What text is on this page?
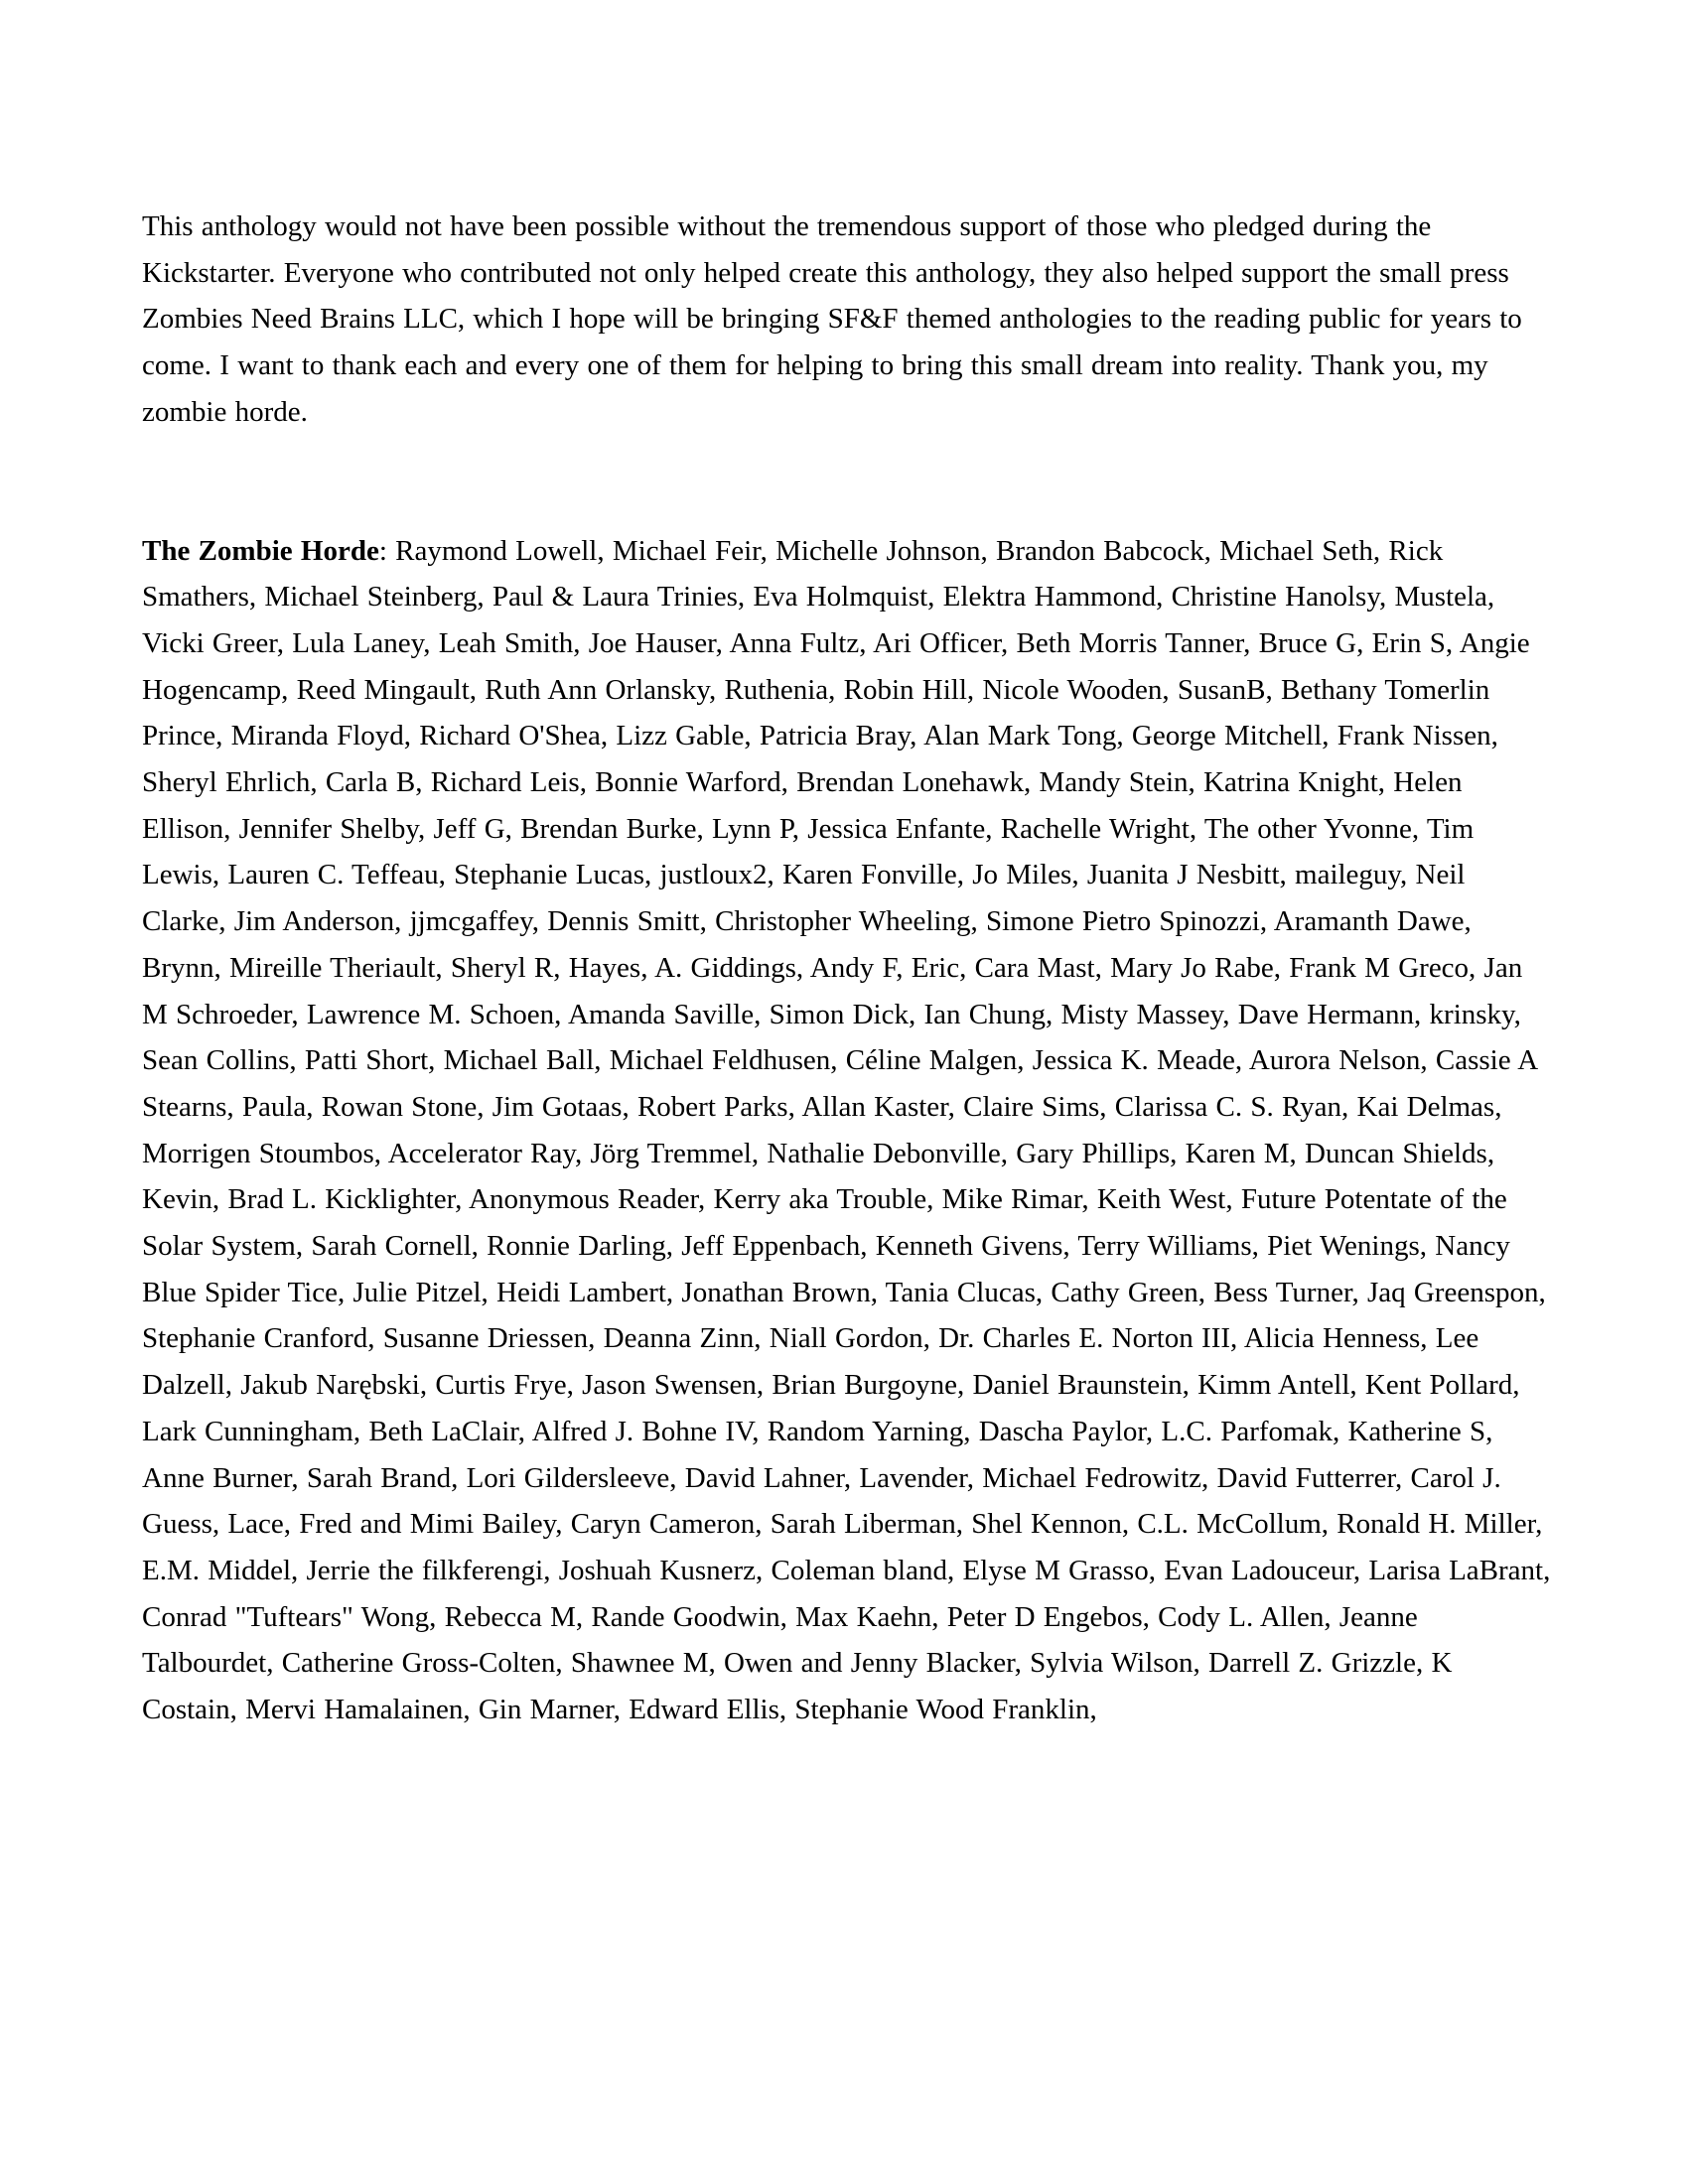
This anthology would not have been possible without the tremendous support of those who pledged during the Kickstarter. Everyone who contributed not only helped create this anthology, they also helped support the small press Zombies Need Brains LLC, which I hope will be bringing SF&F themed anthologies to the reading public for years to come. I want to thank each and every one of them for helping to bring this small dream into reality. Thank you, my zombie horde.

The Zombie Horde: Raymond Lowell, Michael Feir, Michelle Johnson, Brandon Babcock, Michael Seth, Rick Smathers, Michael Steinberg, Paul & Laura Trinies, Eva Holmquist, Elektra Hammond, Christine Hanolsy, Mustela, Vicki Greer, Lula Laney, Leah Smith, Joe Hauser, Anna Fultz, Ari Officer, Beth Morris Tanner, Bruce G, Erin S, Angie Hogencamp, Reed Mingault, Ruth Ann Orlansky, Ruthenia, Robin Hill, Nicole Wooden, SusanB, Bethany Tomerlin Prince, Miranda Floyd, Richard O'Shea, Lizz Gable, Patricia Bray, Alan Mark Tong, George Mitchell, Frank Nissen, Sheryl Ehrlich, Carla B, Richard Leis, Bonnie Warford, Brendan Lonehawk, Mandy Stein, Katrina Knight, Helen Ellison, Jennifer Shelby, Jeff G, Brendan Burke, Lynn P, Jessica Enfante, Rachelle Wright, The other Yvonne, Tim Lewis, Lauren C. Teffeau, Stephanie Lucas, justloux2, Karen Fonville, Jo Miles, Juanita J Nesbitt, maileguy, Neil Clarke, Jim Anderson, jjmcgaffey, Dennis Smitt, Christopher Wheeling, Simone Pietro Spinozzi, Aramanth Dawe, Brynn, Mireille Theriault, Sheryl R, Hayes, A. Giddings, Andy F, Eric, Cara Mast, Mary Jo Rabe, Frank M Greco, Jan M Schroeder, Lawrence M. Schoen, Amanda Saville, Simon Dick, Ian Chung, Misty Massey, Dave Hermann, krinsky, Sean Collins, Patti Short, Michael Ball, Michael Feldhusen, Céline Malgen, Jessica K. Meade, Aurora Nelson, Cassie A Stearns, Paula, Rowan Stone, Jim Gotaas, Robert Parks, Allan Kaster, Claire Sims, Clarissa C. S. Ryan, Kai Delmas, Morrigen Stoumbos, Accelerator Ray, Jörg Tremmel, Nathalie Debonville, Gary Phillips, Karen M, Duncan Shields, Kevin, Brad L. Kicklighter, Anonymous Reader, Kerry aka Trouble, Mike Rimar, Keith West, Future Potentate of the Solar System, Sarah Cornell, Ronnie Darling, Jeff Eppenbach, Kenneth Givens, Terry Williams, Piet Wenings, Nancy Blue Spider Tice, Julie Pitzel, Heidi Lambert, Jonathan Brown, Tania Clucas, Cathy Green, Bess Turner, Jaq Greenspon, Stephanie Cranford, Susanne Driessen, Deanna Zinn, Niall Gordon, Dr. Charles E. Norton III, Alicia Henness, Lee Dalzell, Jakub Narębski, Curtis Frye, Jason Swensen, Brian Burgoyne, Daniel Braunstein, Kimm Antell, Kent Pollard, Lark Cunningham, Beth LaClair, Alfred J. Bohne IV, Random Yarning, Dascha Paylor, L.C. Parfomak, Katherine S, Anne Burner, Sarah Brand, Lori Gildersleeve, David Lahner, Lavender, Michael Fedrowitz, David Futterrer, Carol J. Guess, Lace, Fred and Mimi Bailey, Caryn Cameron, Sarah Liberman, Shel Kennon, C.L. McCollum, Ronald H. Miller, E.M. Middel, Jerrie the filkferengi, Joshuah Kusnerz, Coleman bland, Elyse M Grasso, Evan Ladouceur, Larisa LaBrant, Conrad "Tuftears" Wong, Rebecca M, Rande Goodwin, Max Kaehn, Peter D Engebos, Cody L. Allen, Jeanne Talbourdet, Catherine Gross-Colten, Shawnee M, Owen and Jenny Blacker, Sylvia Wilson, Darrell Z. Grizzle, K Costain, Mervi Hamalainen, Gin Marner, Edward Ellis, Stephanie Wood Franklin,
